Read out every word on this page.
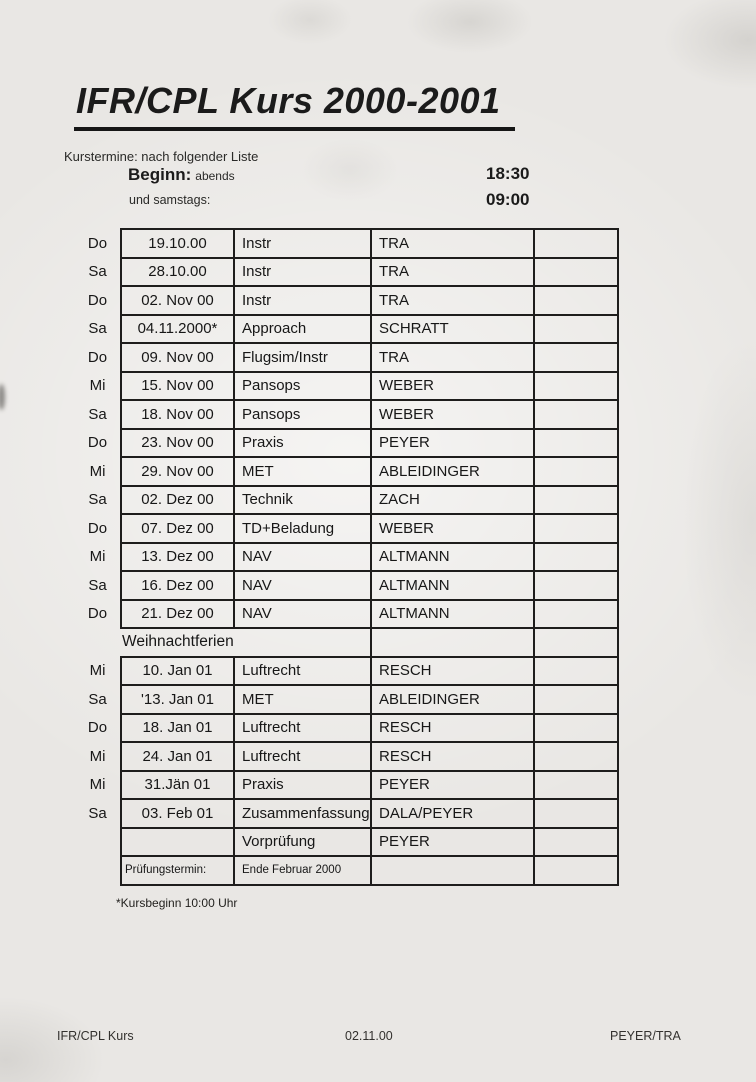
IFR/CPL Kurs 2000-2001
Kurstermine: nach folgender Liste
Beginn: abends	18:30
und samstags:	09:00
Do	19.10.00	Instr	TRA	
Sa	28.10.00	Instr	TRA	
Do	02. Nov 00	Instr	TRA	
Sa	04.11.2000*	Approach	SCHRATT	
Do	09. Nov 00	Flugsim/Instr	TRA	
Mi	15. Nov 00	Pansops	WEBER	
Sa	18. Nov 00	Pansops	WEBER	
Do	23. Nov 00	Praxis	PEYER	
Mi	29. Nov 00	MET	ABLEIDINGER	
Sa	02. Dez 00	Technik	ZACH	
Do	07. Dez 00	TD+Beladung	WEBER	
Mi	13. Dez 00	NAV	ALTMANN	
Sa	16. Dez 00	NAV	ALTMANN	
Do	21. Dez 00	NAV	ALTMANN	
	Weihnachtferien			
Mi	10. Jan 01	Luftrecht	RESCH	
Sa	'13. Jan 01	MET	ABLEIDINGER	
Do	18. Jan 01	Luftrecht	RESCH	
Mi	24. Jan 01	Luftrecht	RESCH	
Mi	31.Jän 01	Praxis	PEYER	
Sa	03. Feb 01	Zusammenfassung	DALA/PEYER	
		Vorprüfung	PEYER	
	Prüfungstermin:	Ende Februar 2000		
*Kursbeginn 10:00 Uhr
IFR/CPL Kurs	02.11.00	PEYER/TRA
